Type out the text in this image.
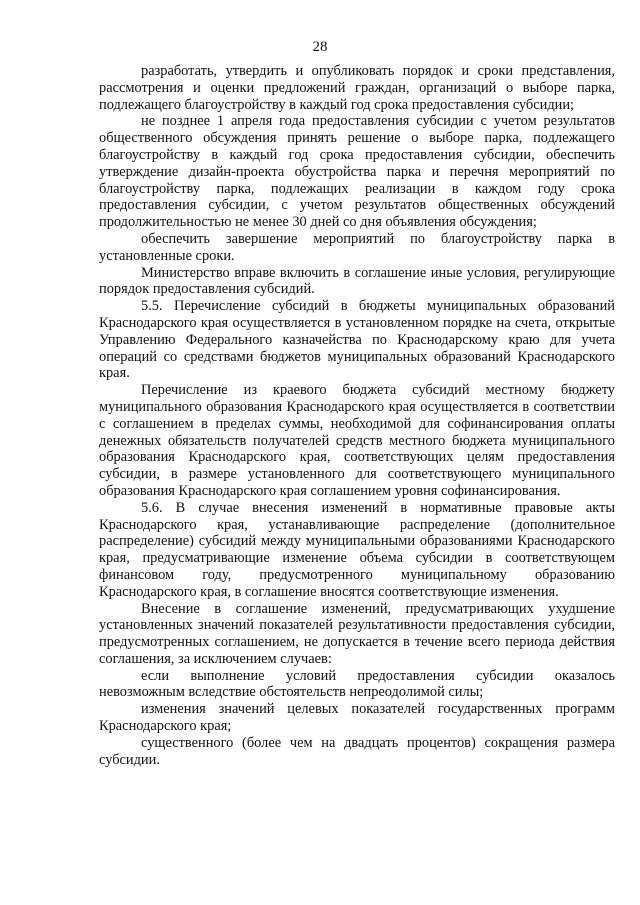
28

разработать, утвердить и опубликовать порядок и сроки представления, рассмотрения и оценки предложений граждан, организаций о выборе парка, подлежащего благоустройству в каждый год срока предоставления субсидии;

не позднее 1 апреля года предоставления субсидии с учетом результатов общественного обсуждения принять решение о выборе парка, подлежащего благоустройству в каждый год срока предоставления субсидии, обеспечить утверждение дизайн-проекта обустройства парка и перечня мероприятий по благоустройству парка, подлежащих реализации в каждом году срока предоставления субсидии, с учетом результатов общественных обсуждений продолжительностью не менее 30 дней со дня объявления обсуждения;

обеспечить завершение мероприятий по благоустройству парка в установленные сроки.

Министерство вправе включить в соглашение иные условия, регулирующие порядок предоставления субсидий.

5.5. Перечисление субсидий в бюджеты муниципальных образований Краснодарского края осуществляется в установленном порядке на счета, открытые Управлению Федерального казначейства по Краснодарскому краю для учета операций со средствами бюджетов муниципальных образований Краснодарского края.

Перечисление из краевого бюджета субсидий местному бюджету муниципального образования Краснодарского края осуществляется в соответствии с соглашением в пределах суммы, необходимой для софинансирования оплаты денежных обязательств получателей средств местного бюджета муниципального образования Краснодарского края, соответствующих целям предоставления субсидии, в размере установленного для соответствующего муниципального образования Краснодарского края соглашением уровня софинансирования.

5.6. В случае внесения изменений в нормативные правовые акты Краснодарского края, устанавливающие распределение (дополнительное распределение) субсидий между муниципальными образованиями Краснодарского края, предусматривающие изменение объема субсидии в соответствующем финансовом году, предусмотренного муниципальному образованию Краснодарского края, в соглашение вносятся соответствующие изменения.

Внесение в соглашение изменений, предусматривающих ухудшение установленных значений показателей результативности предоставления субсидии, предусмотренных соглашением, не допускается в течение всего периода действия соглашения, за исключением случаев:

если выполнение условий предоставления субсидии оказалось невозможным вследствие обстоятельств непреодолимой силы;

изменения значений целевых показателей государственных программ Краснодарского края;

существенного (более чем на двадцать процентов) сокращения размера субсидии.
